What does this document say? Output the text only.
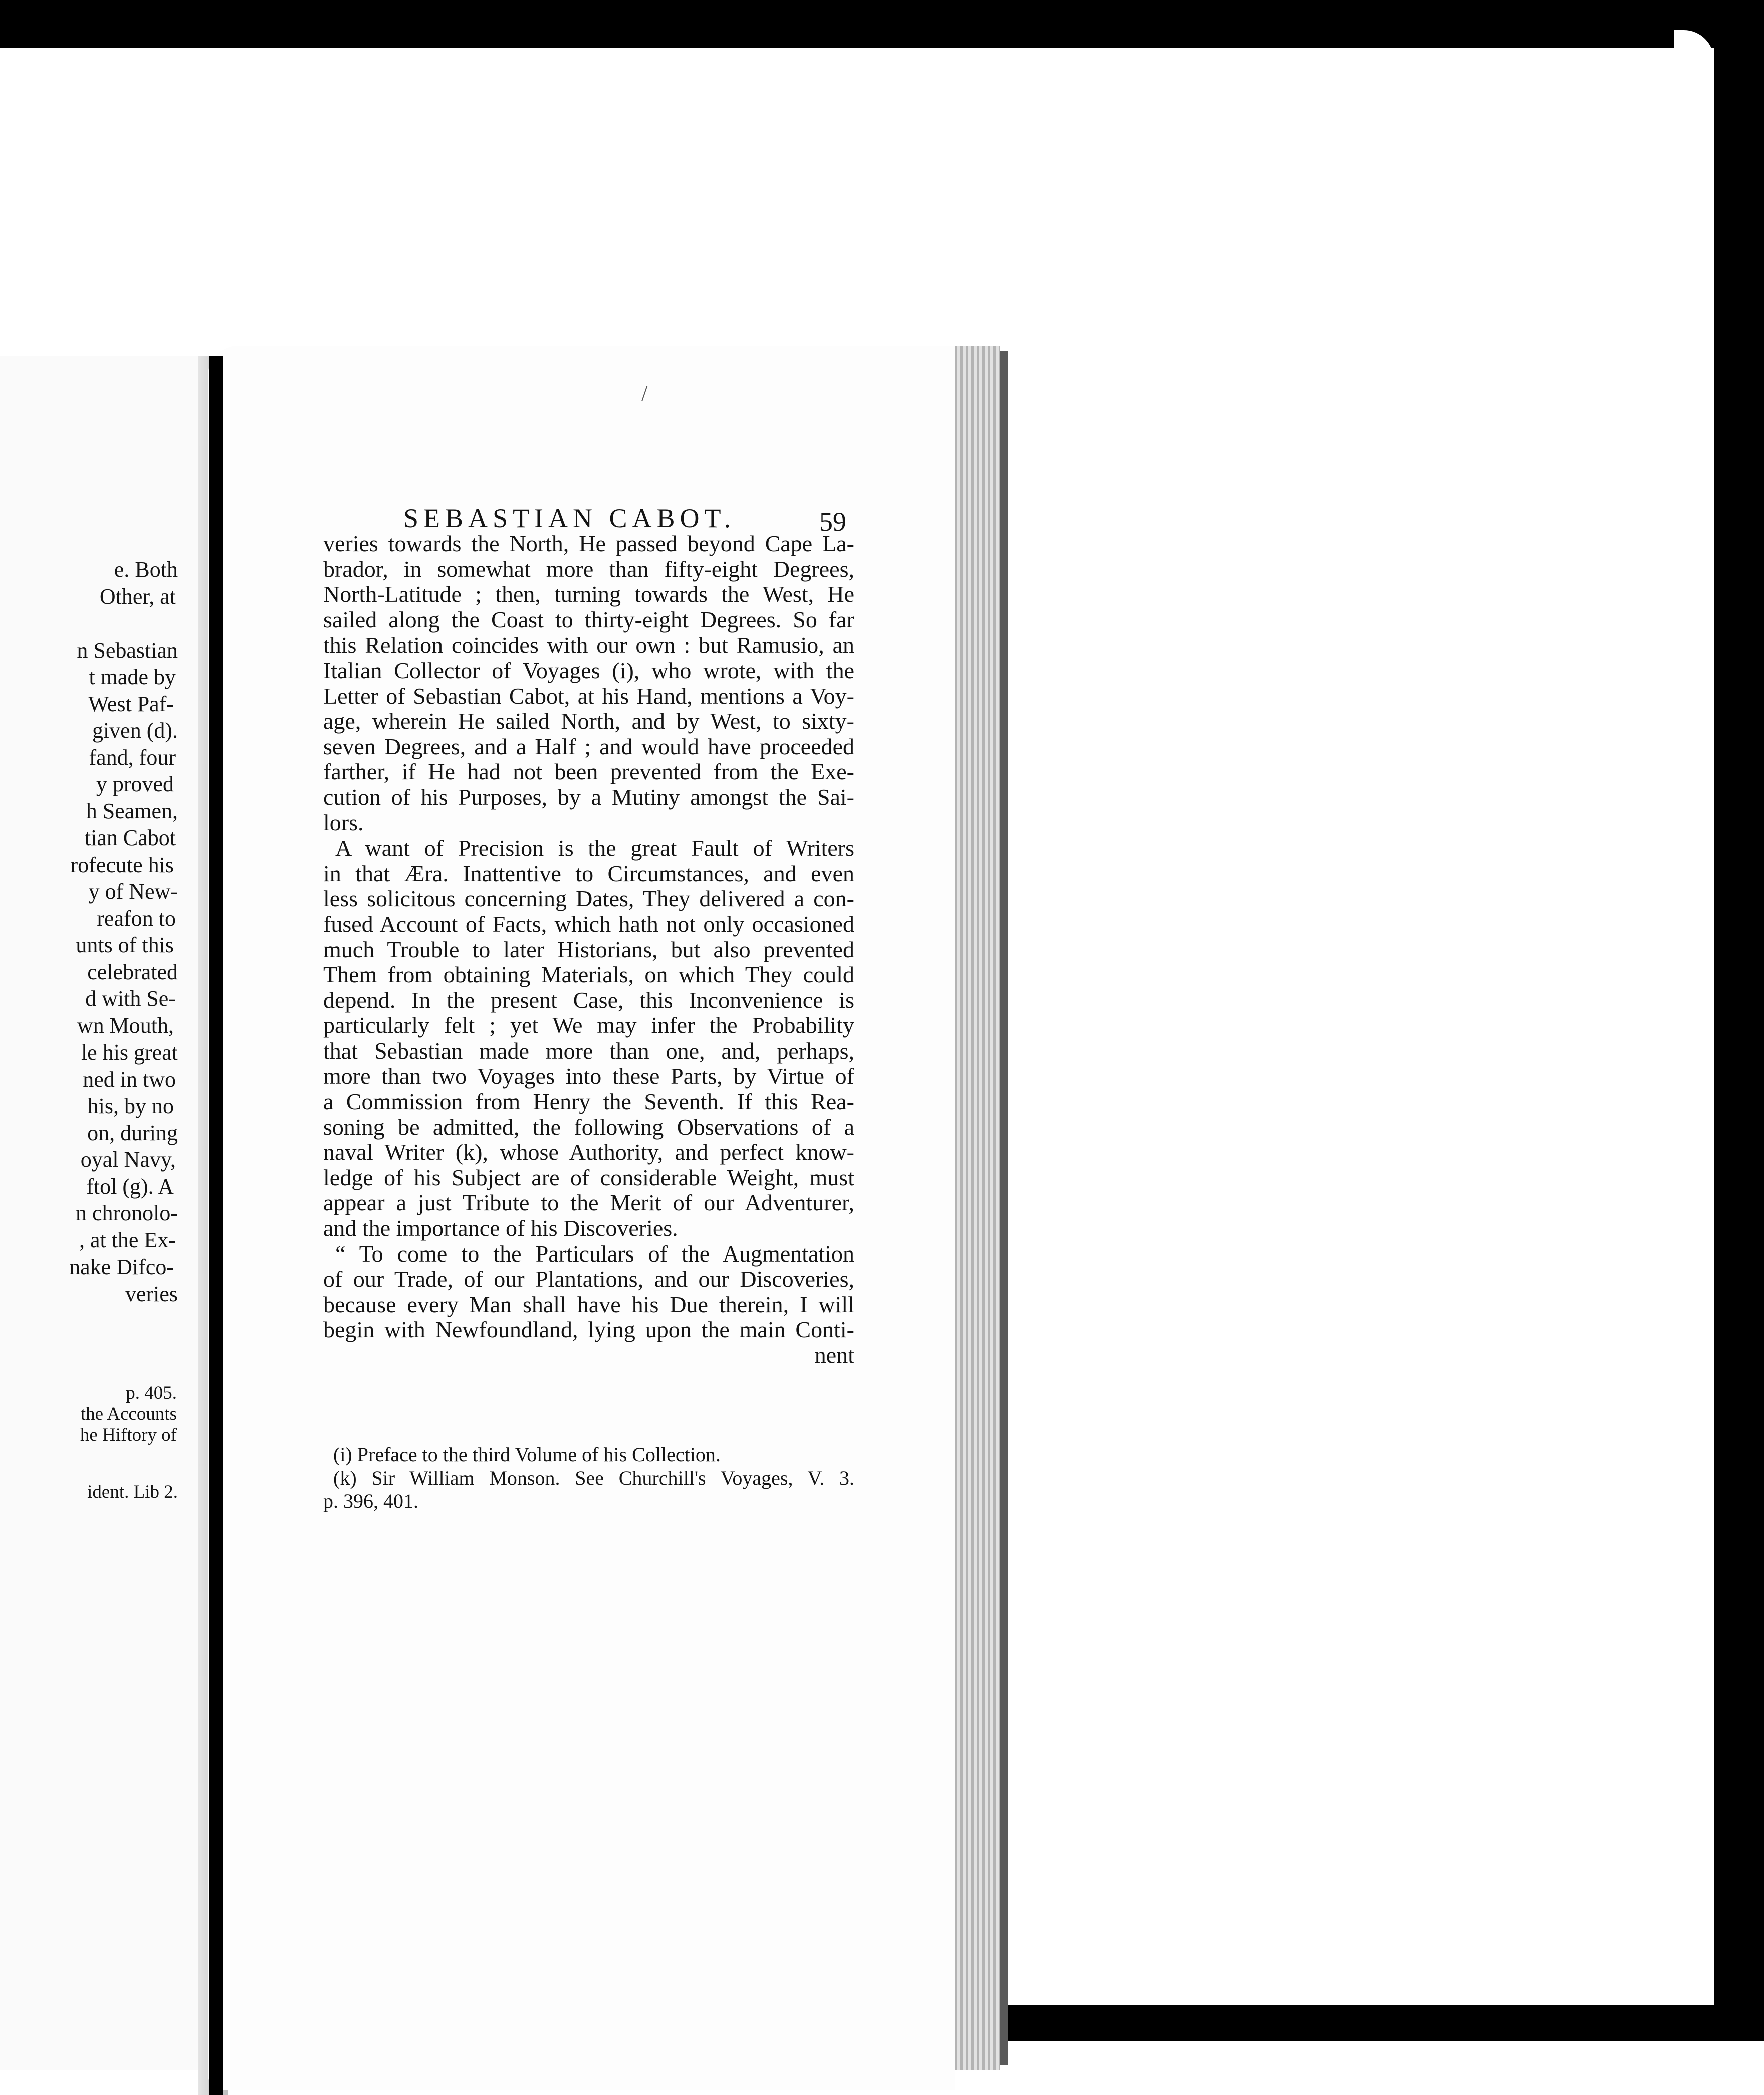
e. Both
Other, at
n Sebastian
t made by
West Paf-
given (d).
fand, four
y proved
h Seamen,
tian Cabot
rofecute his
y of New-
reafon to
unts of this
celebrated
d with Se-
wn Mouth,
le his great
ned in two
his, by no
on, during
oyal Navy,
ftol (g). A
n chronolo-
, at the Ex-
nake Difco-
veries
p. 405.
the Accounts
he Hiftory of
ident. Lib 2.
/
SEBASTIAN CABOT.	59
veries towards the North, He passed beyond Cape La-
brador, in somewhat more than fifty-eight Degrees,
North-Latitude ; then, turning towards the West, He
sailed along the Coast to thirty-eight Degrees. So far
this Relation coincides with our own : but Ramusio, an
Italian Collector of Voyages (i), who wrote, with the
Letter of Sebastian Cabot, at his Hand, mentions a Voy-
age, wherein He sailed North, and by West, to sixty-
seven Degrees, and a Half ; and would have proceeded
farther, if He had not been prevented from the Exe-
cution of his Purposes, by a Mutiny amongst the Sai-
lors.
A want of Precision is the great Fault of Writers
in that Æra. Inattentive to Circumstances, and even
less solicitous concerning Dates, They delivered a con-
fused Account of Facts, which hath not only occasioned
much Trouble to later Historians, but also prevented
Them from obtaining Materials, on which They could
depend. In the present Case, this Inconvenience is
particularly felt ; yet We may infer the Probability
that Sebastian made more than one, and, perhaps,
more than two Voyages into these Parts, by Virtue of
a Commission from Henry the Seventh. If this Rea-
soning be admitted, the following Observations of a
naval Writer (k), whose Authority, and perfect know-
ledge of his Subject are of considerable Weight, must
appear a just Tribute to the Merit of our Adventurer,
and the importance of his Discoveries.
“ To come to the Particulars of the Augmentation
of our Trade, of our Plantations, and our Discoveries,
because every Man shall have his Due therein, I will
begin with Newfoundland, lying upon the main Conti-
nent
(i) Preface to the third Volume of his Collection.
(k) Sir William Monson. See Churchill's Voyages, V. 3.
p. 396, 401.
